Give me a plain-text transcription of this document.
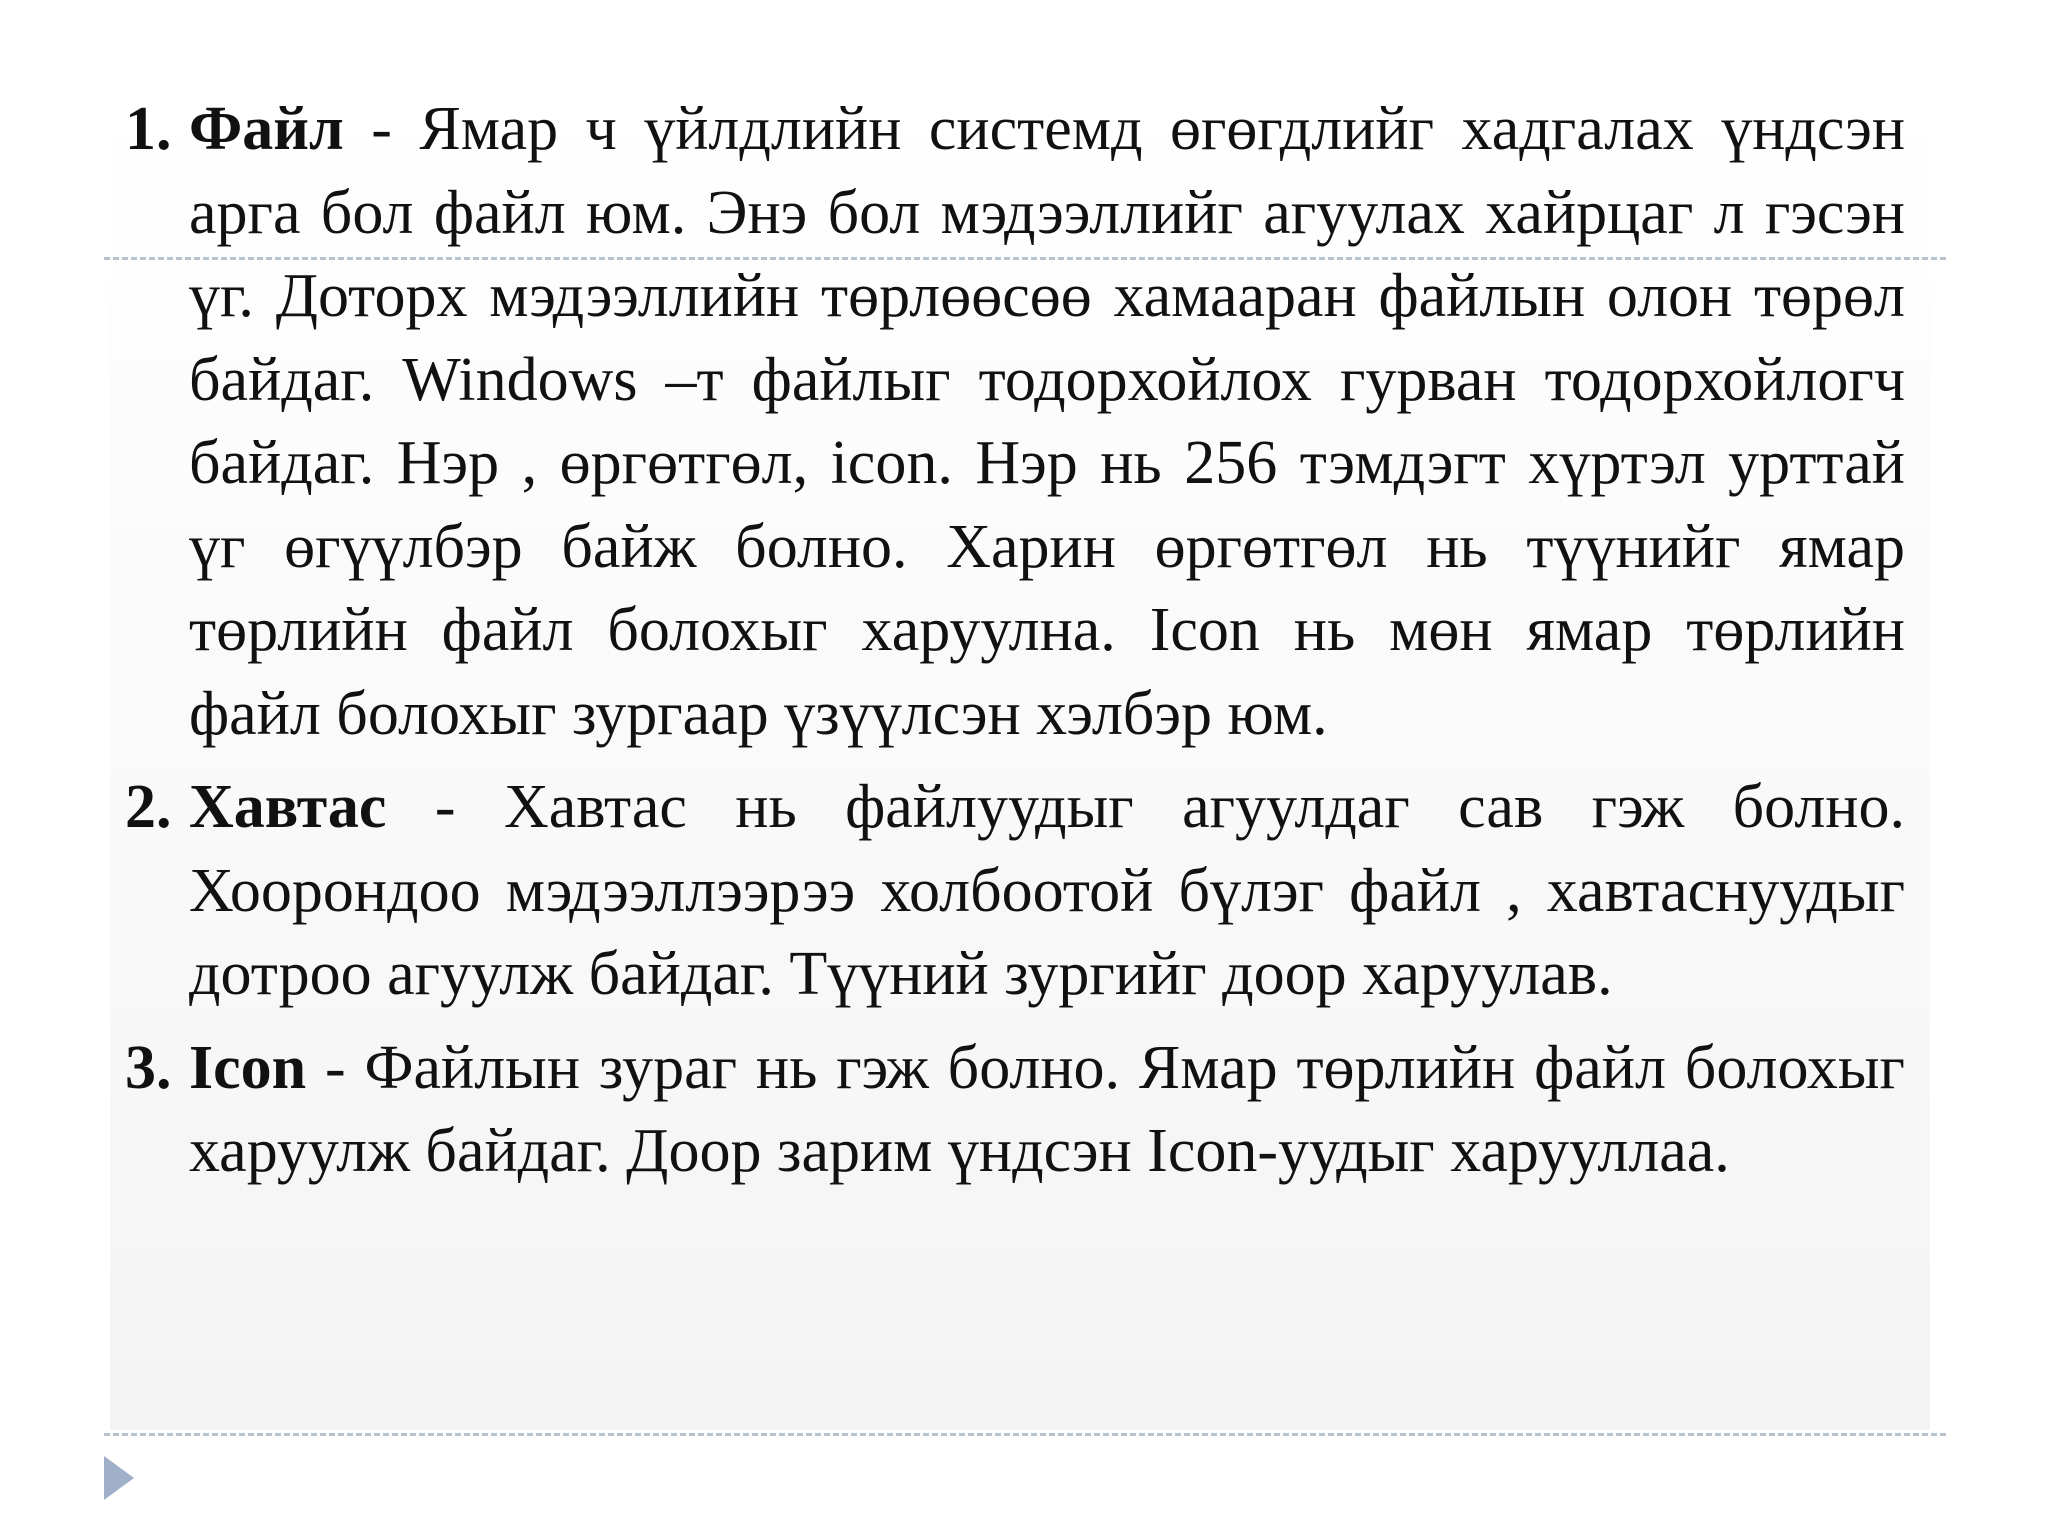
1. Файл - Ямар ч үйлдлийн системд өгөгдлийг хадгалах үндсэн арга бол файл юм. Энэ бол мэдээллийг агуулах хайрцаг л гэсэн үг. Доторх мэдээллийн төрлөөсөө хамааран файлын олон төрөл байдаг. Windows –т файлыг тодорхойлох гурван тодорхойлогч байдаг. Нэр , өргөтгөл, icon. Нэр нь 256 тэмдэгт хүртэл урттай үг өгүүлбэр байж болно. Харин өргөтгөл нь түүнийг ямар төрлийн файл болохыг харуулна. Icon нь мөн ямар төрлийн файл болохыг зургаар үзүүлсэн хэлбэр юм.

2. Хавтас - Хавтас нь файлуудыг агуулдаг сав гэж болно. Хоорондоо мэдээллээрээ холбоотой бүлэг файл , хавтаснуудыг дотроо агуулж байдаг. Түүний зургийг доор харуулав.

3. Icon - Файлын зураг нь гэж болно. Ямар төрлийн файл болохыг харуулж байдаг. Доор зарим үндсэн Icon-уудыг харууллаа.
